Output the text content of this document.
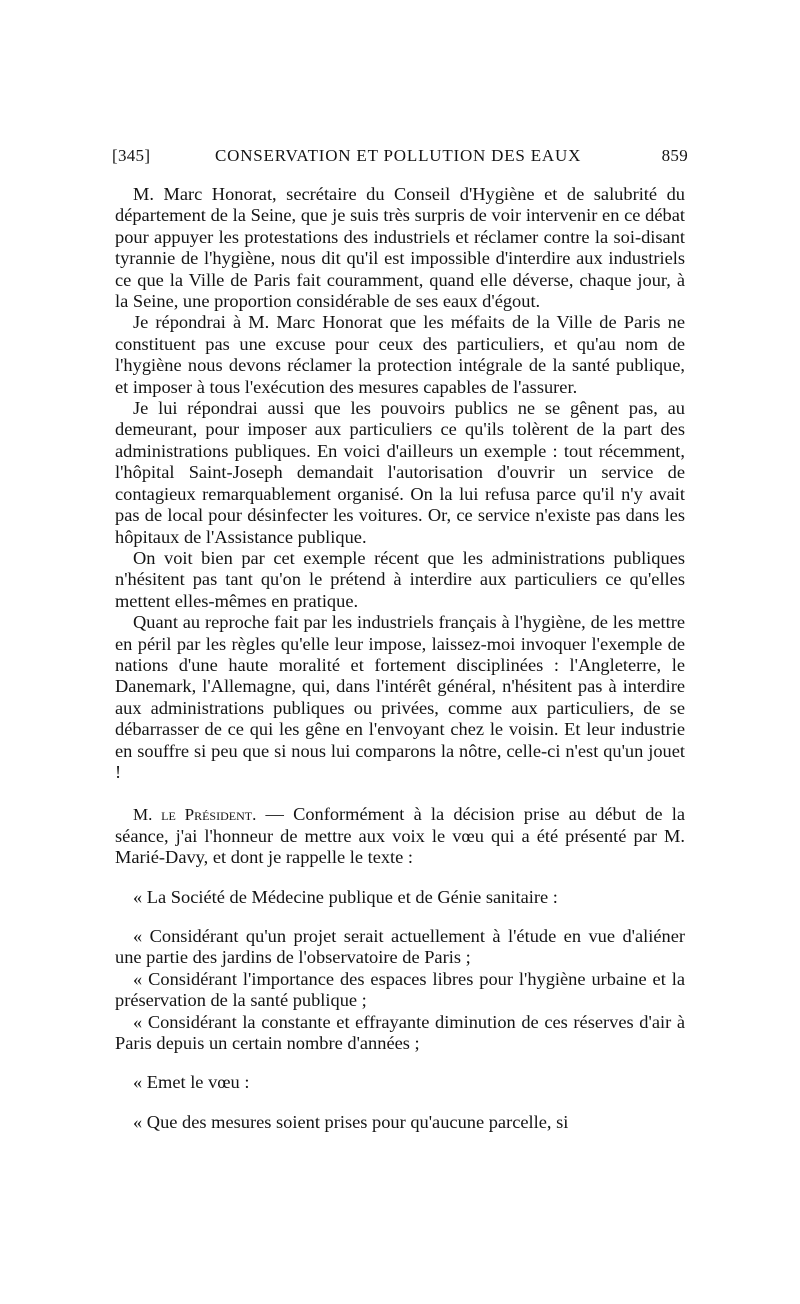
[345]	CONSERVATION ET POLLUTION DES EAUX	859

M. Marc Honorat, secrétaire du Conseil d'Hygiène et de salubrité du département de la Seine, que je suis très surpris de voir intervenir en ce débat pour appuyer les protestations des industriels et réclamer contre la soi-disant tyrannie de l'hygiène, nous dit qu'il est impossible d'interdire aux industriels ce que la Ville de Paris fait couramment, quand elle déverse, chaque jour, à la Seine, une proportion considérable de ses eaux d'égout.

Je répondrai à M. Marc Honorat que les méfaits de la Ville de Paris ne constituent pas une excuse pour ceux des particuliers, et qu'au nom de l'hygiène nous devons réclamer la protection intégrale de la santé publique, et imposer à tous l'exécution des mesures capables de l'assurer.

Je lui répondrai aussi que les pouvoirs publics ne se gênent pas, au demeurant, pour imposer aux particuliers ce qu'ils tolèrent de la part des administrations publiques. En voici d'ailleurs un exemple : tout récemment, l'hôpital Saint-Joseph demandait l'autorisation d'ouvrir un service de contagieux remarquablement organisé. On la lui refusa parce qu'il n'y avait pas de local pour désinfecter les voitures. Or, ce service n'existe pas dans les hôpitaux de l'Assistance publique.

On voit bien par cet exemple récent que les administrations publiques n'hésitent pas tant qu'on le prétend à interdire aux particuliers ce qu'elles mettent elles-mêmes en pratique.

Quant au reproche fait par les industriels français à l'hygiène, de les mettre en péril par les règles qu'elle leur impose, laissez-moi invoquer l'exemple de nations d'une haute moralité et fortement disciplinées : l'Angleterre, le Danemark, l'Allemagne, qui, dans l'intérêt général, n'hésitent pas à interdire aux administrations publiques ou privées, comme aux particuliers, de se débarrasser de ce qui les gêne en l'envoyant chez le voisin. Et leur industrie en souffre si peu que si nous lui comparons la nôtre, celle-ci n'est qu'un jouet !

M. le Président. — Conformément à la décision prise au début de la séance, j'ai l'honneur de mettre aux voix le vœu qui a été présenté par M. Marié-Davy, et dont je rappelle le texte :

« La Société de Médecine publique et de Génie sanitaire :

« Considérant qu'un projet serait actuellement à l'étude en vue d'aliéner une partie des jardins de l'observatoire de Paris ;

« Considérant l'importance des espaces libres pour l'hygiène urbaine et la préservation de la santé publique ;

« Considérant la constante et effrayante diminution de ces réserves d'air à Paris depuis un certain nombre d'années ;

« Emet le vœu :

« Que des mesures soient prises pour qu'aucune parcelle, si
